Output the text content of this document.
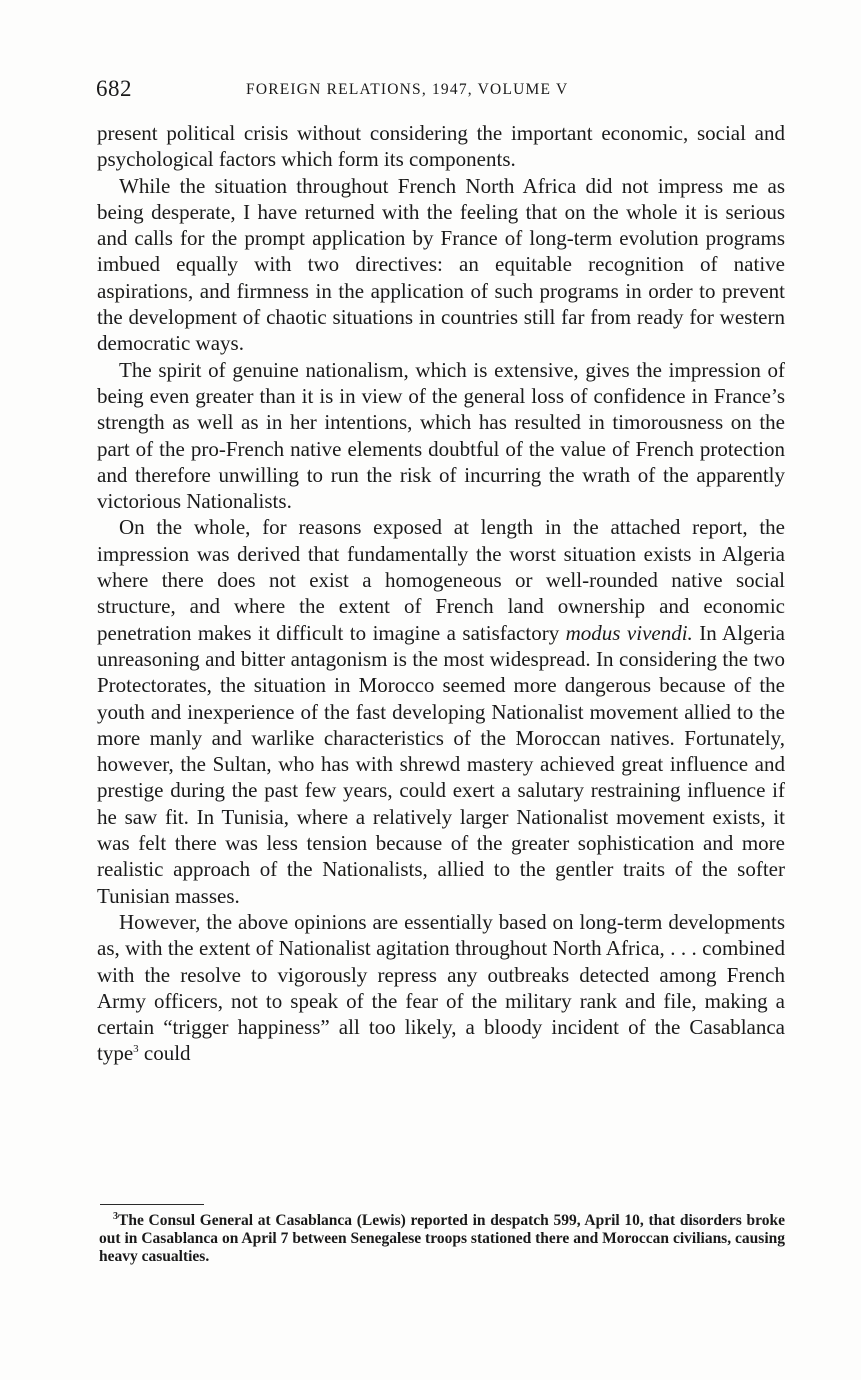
682	FOREIGN RELATIONS, 1947, VOLUME V

present political crisis without considering the important economic, social and psychological factors which form its components.

While the situation throughout French North Africa did not impress me as being desperate, I have returned with the feeling that on the whole it is serious and calls for the prompt application by France of long-term evolution programs imbued equally with two directives: an equitable recognition of native aspirations, and firmness in the application of such programs in order to prevent the development of chaotic situations in countries still far from ready for western democratic ways.

The spirit of genuine nationalism, which is extensive, gives the impression of being even greater than it is in view of the general loss of confidence in France’s strength as well as in her intentions, which has resulted in timorousness on the part of the pro-French native elements doubtful of the value of French protection and therefore unwilling to run the risk of incurring the wrath of the apparently victorious Nationalists.

On the whole, for reasons exposed at length in the attached report, the impression was derived that fundamentally the worst situation exists in Algeria where there does not exist a homogeneous or well-rounded native social structure, and where the extent of French land ownership and economic penetration makes it difficult to imagine a satisfactory modus vivendi. In Algeria unreasoning and bitter antagonism is the most widespread. In considering the two Protectorates, the situation in Morocco seemed more dangerous because of the youth and inexperience of the fast developing Nationalist movement allied to the more manly and warlike characteristics of the Moroccan natives. Fortunately, however, the Sultan, who has with shrewd mastery achieved great influence and prestige during the past few years, could exert a salutary restraining influence if he saw fit. In Tunisia, where a relatively larger Nationalist movement exists, it was felt there was less tension because of the greater sophistication and more realistic approach of the Nationalists, allied to the gentler traits of the softer Tunisian masses.

However, the above opinions are essentially based on long-term developments as, with the extent of Nationalist agitation throughout North Africa, . . . combined with the resolve to vigorously repress any outbreaks detected among French Army officers, not to speak of the fear of the military rank and file, making a certain “trigger happiness” all too likely, a bloody incident of the Casablanca type$^3$ could

$^3$The Consul General at Casablanca (Lewis) reported in despatch 599, April 10, that disorders broke out in Casablanca on April 7 between Senegalese troops stationed there and Moroccan civilians, causing heavy casualties.
